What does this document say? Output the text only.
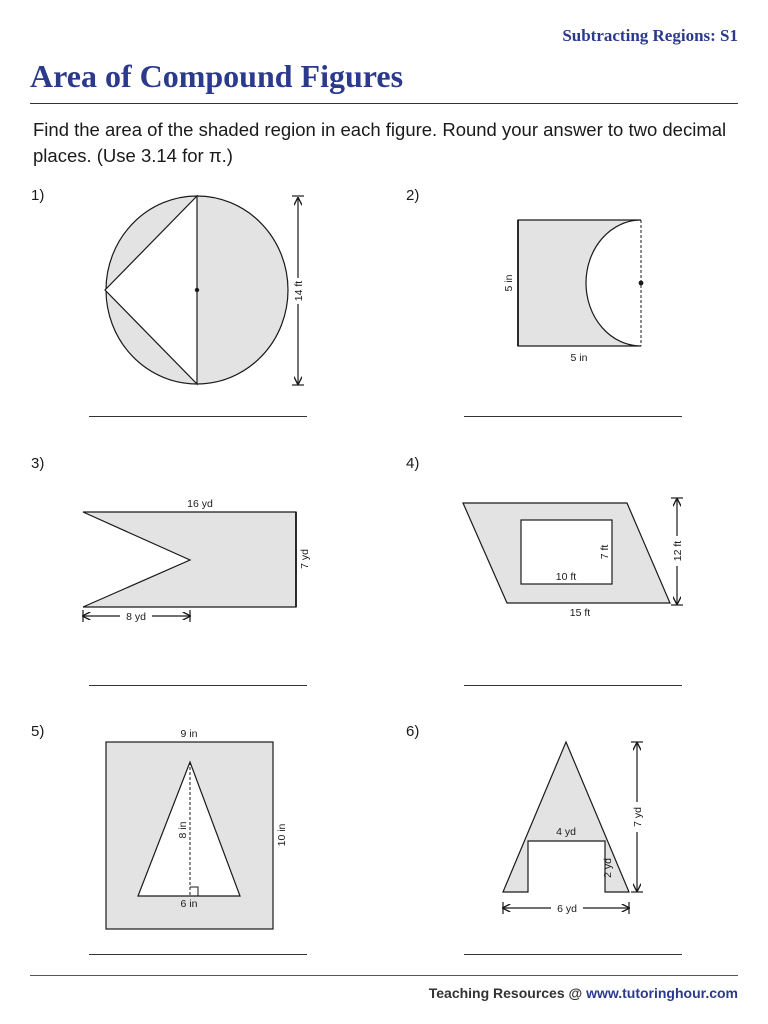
Subtracting Regions: S1
Area of Compound Figures
Find the area of the shaded region in each figure. Round your answer to two decimal places. (Use 3.14 for π.)
1)	2)
3)	4)
5)	6)
14 ft	5 in
5 in
16 yd
7 yd
8 yd
10 ft
7 ft	12 ft
15 ft
9 in
10 in
8 in
6 in
4 yd
2 yd
7 yd
6 yd
Teaching Resources @ www.tutoringhour.com
